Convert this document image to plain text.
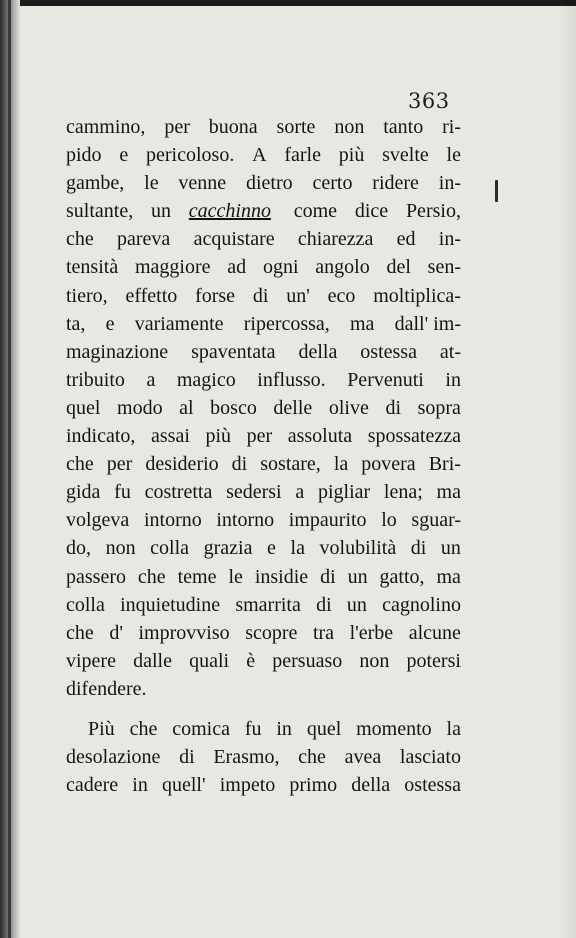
363
cammino, per buona sorte non tanto ri-
pido e pericoloso. A farle più svelte le
gambe, le venne dietro certo ridere in-
sultante, un cacchinno come dice Persio,
che pareva acquistare chiarezza ed in-
tensità maggiore ad ogni angolo del sen-
tiero, effetto forse di un' eco moltiplica-
ta, e variamente ripercossa, ma dall' im-
maginazione spaventata della ostessa at-
tribuito a magico influsso. Pervenuti in
quel modo al bosco delle olive di sopra
indicato, assai più per assoluta spossatezza
che per desiderio di sostare, la povera Bri-
gida fu costretta sedersi a pigliar lena; ma
volgeva intorno intorno impaurito lo sguar-
do, non colla grazia e la volubilità di un
passero che teme le insidie di un gatto, ma
colla inquietudine smarrita di un cagnolino
che d' improvviso scopre tra l'erbe alcune
vipere dalle quali è persuaso non potersi
difendere.
Più che comica fu in quel momento la
desolazione di Erasmo, che avea lasciato
cadere in quell' impeto primo della ostessa
